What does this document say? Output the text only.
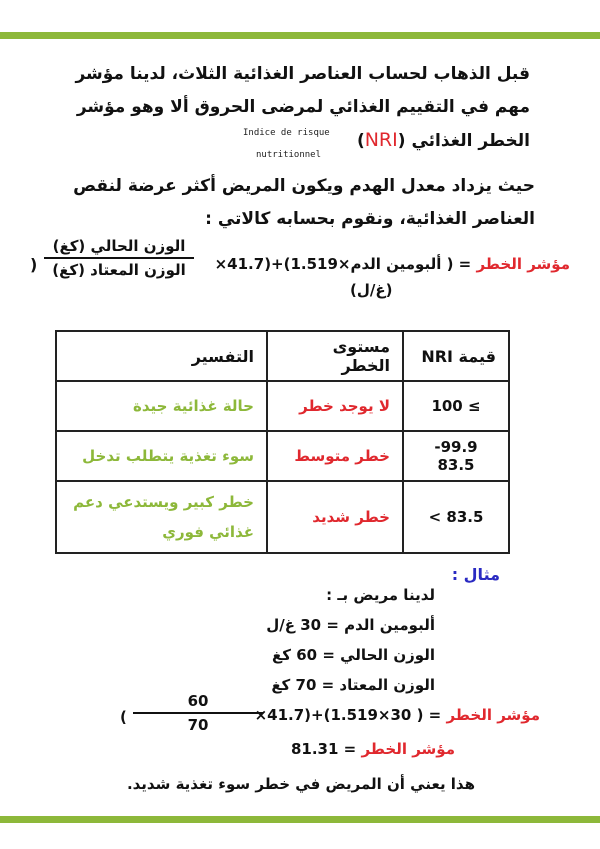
قبل الذهاب لحساب العناصر الغذائية الثلاث، لدينا مؤشر
مهم في التقييم الغذائي لمرضى الحروق ألا وهو مؤشر
الخطر الغذائي (NRI)
Indice de risque
nutritionnel
حيث يزداد معدل الهدم ويكون المريض أكثر عرضة لنقص
العناصر الغذائية، ونقوم بحسابه كالاتي :
)
الوزن الحالي (كغ)
الوزن المعتاد (كغ)	مؤشر الخطر = ( ألبومين الدم×1.519)+(41.7×
(غ/ل)
قيمة NRI	مستوى الخطر	التفسير
100 ≤	لا يوجد خطر	حالة غذائية جيدة
99.9- 83.5	خطر متوسط	سوء تغذية يتطلب تدخل
83.5 >	خطر شديد	خطر كبير ويستدعي دعم غذائي فوري
مثال :
لدينا مريض بـ :
ألبومين الدم = 30 غ/ل
الوزن الحالي = 60 كغ
الوزن المعتاد = 70 كغ
(
60
70
مؤشر الخطر = ( 30×1.519)+(41.7×
مؤشر الخطر = 81.31
هذا يعني أن المريض في خطر سوء تغذية شديد.
